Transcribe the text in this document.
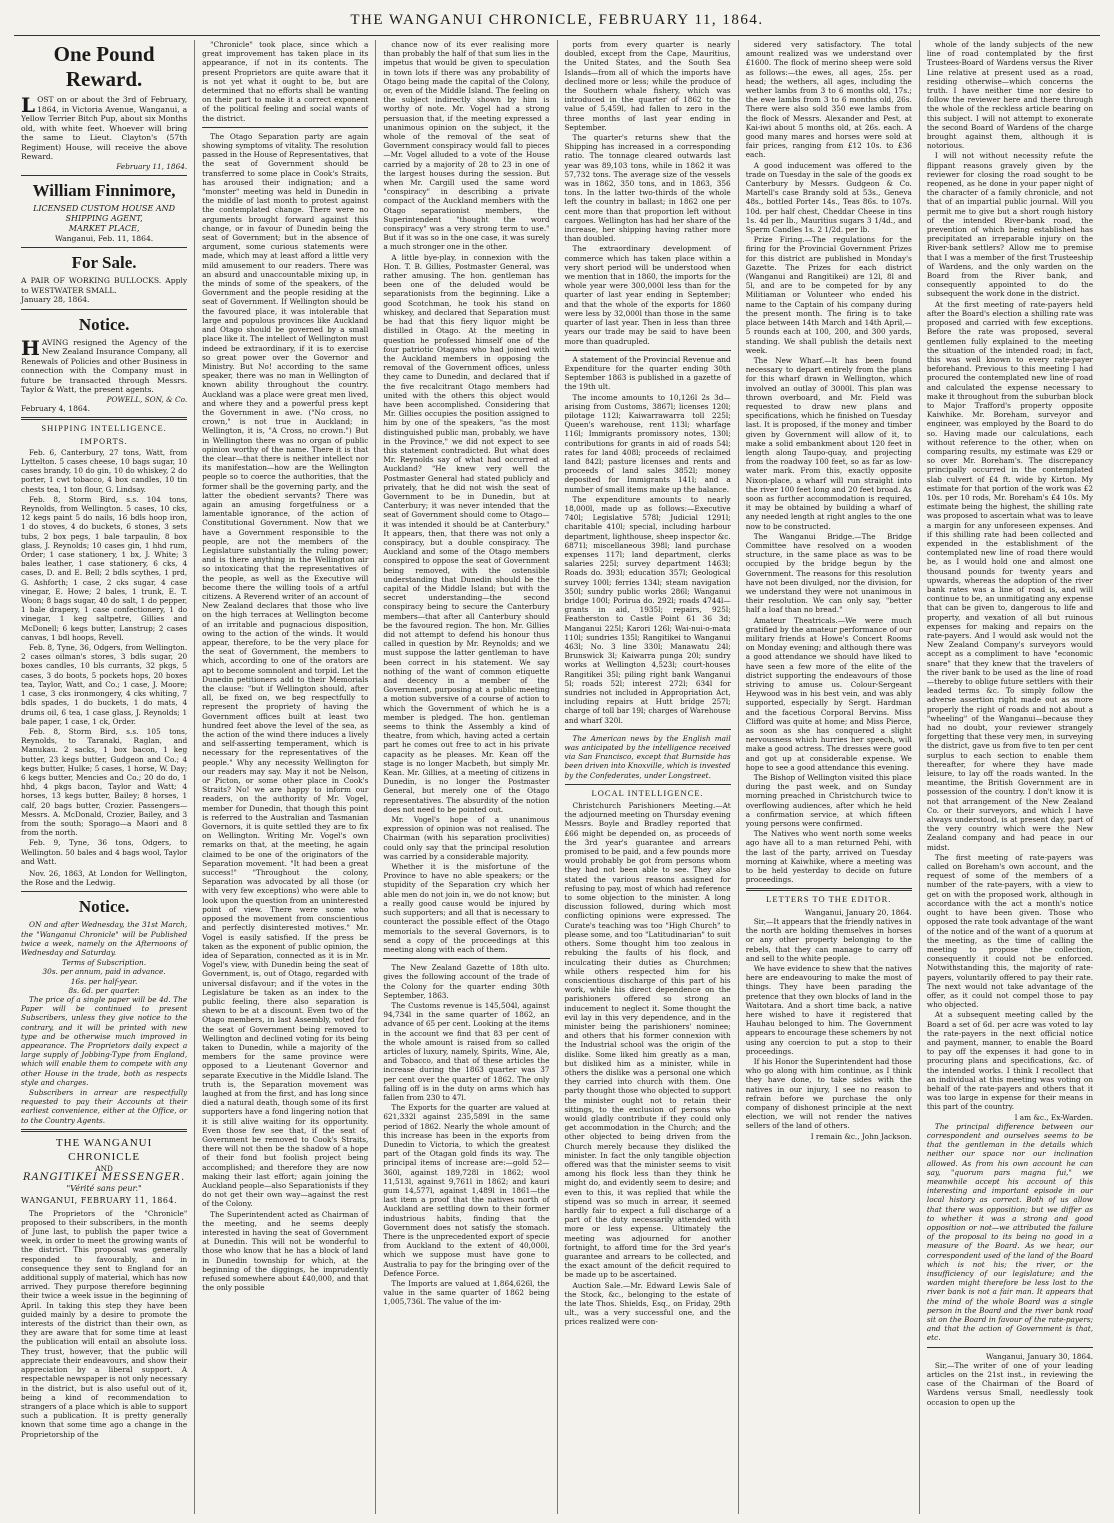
THE WANGANUI CHRONICLE, FEBRUARY 11, 1864.
One Pound Reward.
LOST on or about the 3rd of February, 1864, in Victoria Avenue, Wanganui, a Yellow Terrier Bitch Pup, about six Months old, with white feet. Whoever will bring the same to Lieut. Clayton's (57th Regiment) House, will receive the above Reward.
February 11, 1864.
William Finnimore,
LICENSED CUSTOM HOUSE AND SHIPPING AGENT,
MARKET PLACE,
Wanganui, Feb. 11, 1864.
For Sale.
A PAIR OF WORKING BULLOCKS. Apply to WESTWATER SMALL.
January 28, 1864.
Notice.
HAVING resigned the Agency of the New Zealand Insurance Company, all Renewals of Policies and other Business in connection with the Company must in future be transacted through Messrs. Taylor & Watt, the present agents.
POWELL, SON, & Co.
February 4, 1864.
SHIPPING INTELLIGENCE.
IMPORTS.

Feb. 6, Canterbury, 27 tons, Watt, from Lyttelton. 5 cases cheese, 10 bags sugar, 10 cases brandy, 10 do gin, 10 do whiskey, 2 do porter, 1 cwt tobacco, 4 box candles, 10 tin chests tea, 1 ton flour, G. Lindsay.

Feb. 8, Storm Bird, s.s. 104 tons, Reynolds, from Wellington. 5 cases, 10 cks, 12 kegs paint 5 do nails, 16 bdls hoop iron, 1 do stoves, 4 do buckets, 6 stones, 3 sets tubs, 2 box pegs, 1 bale tarpaulin, 8 box glass, J. Reynolds; 10 cases gin, 1 hhd rum, Order; 1 case stationery, 1 bx, J. White; 3 bales leather, 1 case stationery, 6 cks, 4 cases, D. and E. Bell; 2 bdls scythes, 1 prd, G. Ashforth; 1 case, 2 cks sugar, 4 case vinegar, E. Howe; 2 bales, 1 trunk, E. T. Woon; 8 bags sugar, 40 do salt, 1 do pepper, 1 bale drapery, 1 case confectionery, 1 do vinegar, 1 keg saltpetre, Gillies and McDonell; 6 kegs butter, Lanstrup; 2 cases canvas, 1 bdl hoops, Revell.

Feb. 8, Tyne, 36, Odgers, from Wellington. 2 cases oilman's stores, 3 bdls sugar, 20 boxes candles, 10 bls currants, 32 pkgs, 5 cases, 3 do boots, 5 pockets hops, 20 boxes tea, Taylor, Watt, and Co.; 1 case, J. Moore; 1 case, 3 cks ironmongery, 4 cks whiting, 7 bdls spades, 1 do buckets, 1 do mats, 4 drums oil, 6 tea, 1 case glass, J. Reynolds; 1 bale paper, 1 case, 1 ck, Order.

Feb. 8, Storm Bird, s.s. 105 tons, Reynolds, to Taranaki, Raglan, and Manukau. 2 sacks, 1 box bacon, 1 keg butter, 23 kegs butter, Gudgeon and Co.; 4 kegs butter, Hulke; 5 cases, 1 horse, W. Day; 6 kegs butter, Mencies and Co.; 20 do do, 1 hhd, 4 pkgs bacon, Taylor and Watt; 4 horses, 13 kegs butter, Bailey; 8 horses, 1 calf, 20 bags butter, Crozier. Passengers—Messrs. A. McDonald, Crozier, Bailey, and 3 from the south; Sporago—a Maori and 8 from the north.

Feb. 9, Tyne, 36 tons, Odgers, to Wellington. 50 bales and 4 bags wool, Taylor and Watt.

Nov. 26, 1863, At London for Wellington, the Rose and the Ledwig.

Notice.

ON and after Wednesday, the 31st March, the "Wanganui Chronicle" will be Published twice a week, namely on the Afternoons of Wednesday and Saturday.

Terms of Subscription.
30s. per annum, paid in advance.
16s. per half-year.
8s. 6d. per quarter.

The price of a single paper will be 4d. The Paper will be continued to present Subscribers, unless they give notice to the contrary, and it will be printed with new type and be otherwise much improved in appearance. The Proprietors daily expect a large supply of Jobbing-Type from England, which will enable them to compete with any other House in the trade, both as respects style and charges.

Subscribers in arrear are respectfully requested to pay their Accounts at their earliest convenience, either at the Office, or to the Country Agents.

THE WANGANUI CHRONICLE
AND
RANGITIKEI MESSENGER.
"Vérité sans peur."
WANGANUI, FEBRUARY 11, 1864.

The Proprietors of the "Chronicle" proposed to their subscribers, in the month of June last, to publish the paper twice a week, in order to meet the growing wants of the district. This proposal was generally responded to favourably, and in consequence they sent to England for an additional supply of material, which has now arrived. They purpose therefore beginning their twice a week issue in the beginning of April. In taking this step they have been guided mainly by a desire to promote the interests of the district than their own, as they are aware that for some time at least the publication will entail an absolute loss. They trust, however, that the public will appreciate their endeavours, and show their appreciation by a liberal support. A respectable newspaper is not only necessary in the district, but is also useful out of it, being a kind of recommendation to strangers of a place which is able to support such a publication. It is pretty generally known that some time ago a change in the Proprietorship of the

"Chronicle" took place, since which a great improvement has taken place in its appearance, if not in its contents. The present Proprietors are quite aware that it is not yet what it ought to be, but are determined that no efforts shall be wanting on their part to make it a correct exponent of the political feeling and social wants of the district.

The Otago Separation party are again showing symptoms of vitality. The resolution passed in the House of Representatives, that the seat of Government should be transferred to some place in Cook's Straits, has aroused their indignation; and a "monster" meeting was held in Dunedin in the middle of last month to protest against the contemplated change. There were no arguments brought forward against this change, or in favour of Dunedin being the seat of Government; but in the absence of argument, some curious statements were made, which may at least afford a little very mild amusement to our readers. There was an absurd and unaccountable mixing up, in the minds of some of the speakers, of the Government and the people residing at the seat of Government. If Wellington should be the favoured place, it was intolerable that large and populous provinces like Auckland and Otago should be governed by a small place like it. The intellect of Wellington must indeed be extraordinary, if it is to exercise so great power over the Governor and Ministry. But No! according to the same speaker, there was no man in Wellington of known ability throughout the country. Auckland was a place were great men lived, and where they and a powerful press kept the Government in awe. ("No cross, no crown," is not true in Auckland; in Wellington, it is, "A Cross, no crown.") But in Wellington there was no organ of public opinion worthy of the name. There it is that the clear—that there is neither intellect nor its manifestation—how are the Wellington people so to coerce the authorities, that the former shall be the governing party, and the latter the obedient servants? There was again an amusing forgetfulness or a lamentable ignorance, of the action of Constitutional Government. Now that we have a Government responsible to the people, are not the members of the Legislature substantially the ruling power; and is there anything in the Wellington air so intoxicating that the representatives of the people, as well as the Executive will become there the willing tools of a artful citizens. A Reverend writer of an account of New Zealand declares that those who live on the high terraces at Wellington become of an irritable and pugnacious disposition, owing to the action of the winds. It would appear, therefore, to be the very place for the seat of Government, the members to which, according to one of the orators are apt to become somnolent and torpid. Let the Dunedin petitioners add to their Memorials the clause: "but if Wellington should, after all, be fixed on, we beg respectfully to represent the propriety of having the Government offices built at least two hundred feet above the level of the sea, as the action of the wind there induces a lively and self-asserting temperament, which is necessary for the representatives of the people." Why any necessity Wellington for our readers may say. May it not be Nelson, or Picton, or some other place in Cook's Straits? No! we are happy to inform our readers, on the authority of Mr. Vogel, member for Dunedin, that though this point is referred to the Australian and Tasmanian Governors, it is quite settled they are to fix on Wellington. Writing Mr. Vogel's own remarks on that, at the meeting, he again claimed to be one of the originators of the Separation movement. "It had been a great success!" "Throughout the colony, Separation was advocated by all those (or with very few exceptions) who were able to look upon the question from an uninterested point of view. There were some who opposed the movement from conscientious and perfectly disinterested motives." Mr. Vogel is easily satisfied. If the press be taken as the exponent of public opinion, the idea of Separation, connected as it is in Mr. Vogel's view, with Dunedin being the seat of Government, is, out of Otago, regarded with universal disfavour; and if the votes in the Legislature be taken as an index to the public feeling, there also separation is shewn to be at a discount. Even two of the Otago members, in last Assembly, voted for the seat of Government being removed to Wellington and declined voting for its being taken to Dunedin, while a majority of the members for the same province were opposed to a Lieutenant Governor and separate Executive in the Middle Island. The truth is, the Separation movement was laughed at from the first, and has long since died a natural death, though some of its first supporters have a fond lingering notion that it is still alive waiting for its opportunity. Even those few see that, if the seat of Government be removed to Cook's Straits, there will not then be the shadow of a hope of their fond but foolish project being accomplished; and therefore they are now making their last effort; again joining the Auckland people—also Separationists if they do not get their own way—against the rest of the Colony.

The Superintendent acted as Chairman of the meeting, and he seems deeply interested in having the seat of Government at Dunedin. This will not be wonderful to those who know that he has a block of land in Dunedin township for which, at the beginning of the diggings, he imprudently refused somewhere about £40,000, and that the only possible

chance now of its ever realising more than probably the half of that sum lies in the impetus that would be given to speculation in town lots if there was any probability of Otago being made the capital of the Colony, or, even of the Middle Island. The feeling on the subject indirectly shown by him is worthy of note. Mr. Vogel had a strong persuasion that, if the meeting expressed a unanimous opinion on the subject, it the whole of the removal of the seat of Government conspiracy would fall to pieces—Mr. Vogel alluded to a vote of the House carried by a majority of 28 to 23 in one of the largest houses during the session. But when Mr. Cargill used the same word "conspiracy" in describing a private compact of the Auckland members with the Otago separationist members, the Superintendent "thought the word conspiracy" was a very strong term to use." But if it was so in the one case, it was surely a much stronger one in the other.

A little bye-play, in connexion with the Hon. T. B. Gillies, Postmaster General, was rather amusing. The hon. gentleman has been one of the deluded would be separationists from the beginning. Like a good Scotchman, he took his stand on whiskey, and declared that Separation must be had that this fiery liquor might be distilled in Otago. At the meeting in question he professed himself one of the four patriotic Otagans who had joined with the Auckland members in opposing the removal of the Government offices, unless they came to Dunedin, and declared that if the five recalcitrant Otago members had united with the others this object would have been accomplished. Considering that Mr. Gillies occupies the position assigned to him by one of the speakers, "as the most distinguished public man, probably, we have in the Province," we did not expect to see this statement contradicted. But what does Mr. Reynolds say of what had occurred at Auckland? "He knew very well the Postmaster General had stated publicly and privately, that he did not wish the seat of Government to be in Dunedin, but at Canterbury; it was never intended that the seat of Government should come to Otago—it was intended it should be at Canterbury." It appears, then, that there was not only a conspiracy, but a double conspiracy. The Auckland and some of the Otago members conspired to oppose the seat of Government being removed, with the ostensible understanding that Dunedin should be the capital of the Middle Island; but with the secret understanding—the second conspiracy being to secure the Canterbury members—that after all Canterbury should be the favoured region. The hon. Mr. Gillies did not attempt to defend his honour thus called in question by Mr. Reynolds; and we must suppose the latter gentleman to have been correct in his statement. We say nothing of the want of common etiquette and decency in a member of the Government, purposing at a public meeting a motion subversive of a course of action to which the Government of which he is a member is pledged. The hon. gentleman seems to think the Assembly a kind of theatre, from which, having acted a certain part he comes out free to act in his private capacity as he pleases. Mr. Kean off the stage is no longer Macbeth, but simply Mr. Kean. Mr. Gillies, at a meeting of citizens in Dunedin, is no longer the Postmaster General, but merely one of the Otago representatives. The absurdity of the notion does not need to be pointed out.

Mr. Vogel's hope of a unanimous expression of opinion was not realised. The Chairman (with his separation proclivities) could only say that the principal resolution was carried by a considerable majority.

Whether it is the misfortune of the Province to have no able speakers; or the stupidity of the Separation cry which her able men do not join in, we do not know; but a really good cause would be injured by such supporters; and all that is necessary to counteract the possible effect of the Otago memorials to the several Governors, is to send a copy of the proceedings at this meeting along with each of them.

The New Zealand Gazette of 18th ulto. gives the following account of the trade of the Colony for the quarter ending 30th September, 1863.

The Customs revenue is 145,504l, against 94,734l in the same quarter of 1862, an advance of 65 per cent. Looking at the items in the account we find that 83 per cent of the whole amount is raised from so called articles of luxury, namely, Spirits, Wine, Ale, and Tobacco, and that of these articles the increase during the 1863 quarter was 37 per cent over the quarter of 1862. The only falling off is in the duty on arms which has fallen from 230 to 47l.

The Exports for the quarter are valued at 621,332l against 235,589l in the same period of 1862. Nearly the whole amount of this increase has been in the exports from Dunedin to Victoria, to which the greatest part of the Otagan gold finds its way. The principal items of increase are:—gold 52—360l, against 189,728l in 1862; wool 11,513l, against 9,761l in 1862; and kauri gum 14,577l, against 1,489l in 1861—the last item a proof that the natives north of Auckland are settling down to their former industrious habits, finding that the Government does not satisfy the stomach. There is the unprecedented export of specie from Auckland to the extent of 40,000l, which we suppose must have gone to Australia to pay for the bringing over of the Defence Force.

The Imports are valued at 1,864,626l, the value in the same quarter of 1862 being 1,005,736l. The value of the im-

ports from every quarter is nearly doubled, except from the Cape, Mauritius, the United States, and the South Sea Islands—from all of which the imports have declined more or less; while the produce of the Southern whale fishery, which was introduced in the quarter of 1862 to the value of 5,459l, had fallen to zero in the three months of last year ending in September.

The quarter's returns shew that the Shipping has increased in a corresponding ratio. The tonnage cleared outwards last year was 89,103 tons, while in 1862 it was 57,732 tons. The average size of the vessels was in 1862, 350 tons, and in 1863, 356 tons. In the latter two-thirds of the whole left the country in ballast; in 1862 one per cent more than that proportion left without cargoes. Wellington has had her share of the increase, her shipping having rather more than doubled.

The extraordinary development of commerce which has taken place within a very short period will be understood when we mention that in 1860, the imports for the whole year were 300,000l less than for the quarter of last year ending in September; and that the whole of the exports for 1860 were less by 32,000l than those in the same quarter of last year. Then in less than three years our trade may be said to have been more than quadrupled.

A statement of the Provincial Revenue and Expenditure for the quarter ending 30th September 1863 is published in a gazette of the 19th ult.

The income amounts to 10,126l 2s 3d—arising from Customs, 3867l; licenses 120l; pilotage 112l; Kaiwarrawarra toll 225l; Queen's warehouse, rent 113l; wharfage 116l; Immigrants promissory notes, 130l; contributions for grants in aid of roads 54l; rates for land 408l; proceeds of reclaimed land 842l; pasture licenses and rents and proceeds of land sales 3852l; money deposited for Immigrants 141l; and a number of small items make up the balance.

The expenditure amounts to nearly 18,000l, made up as follows:—Executive 740l; Legislative 578l; Judicial 1291l; charitable 410l; special, including harbour department, lighthouse, sheep inspector &c. 6871l; miscellaneous 398l; land purchase expenses 117l; land department, clerks salaries 225l; survey department 1463l; Roads do. 393l; education 357l; Geological survey 100l; ferries 134l; steam navigation 350l; sundry public works 286l; Wanganui bridge 100l; Porirua do. 292l; roads 4744l—grants in aid, 1935l; repairs, 925l; Featherston to Castle Point 61 36 3d; Manganui 225l; Karori 126l; Wai-nui-o-mata 110l; sundries 135l; Rangitikei to Wanganui 463l; No. 3 line 330l; Manawatu 24l; Brunswick 3l; Kaiwarra punga 20l; sundry works at Wellington 4,523l; court-houses Rangitikei 35l; piling right bank Wanganui 5l; roads 52l; interest 272l; 634l for sundries not included in Appropriation Act, including repairs at Hutt bridge 257l; charge of toll bar 19l; charges of Warehouse and wharf 320l.

The American news by the English mail was anticipated by the intelligence received via San Francisco, except that Burnside has been driven into Knoxville, which is invested by the Confederates, under Longstreet.

LOCAL INTELLIGENCE.

Christchurch Parishioners Meeting.—At the adjourned meeting on Thursday evening Messrs. Boyle and Bradley reported that £66 might be depended on, as proceeds of the 3rd year's guarantee and arrears promised to be paid, and a few pounds more would probably be got from persons whom they had not been able to see. They also stated the various reasons assigned for refusing to pay, most of which had reference to some objection to the minister. A long discussion followed, during which most conflicting opinions were expressed. The Curate's teaching was too "High Church" to please some, and too "Latitudinarian" to suit others. Some thought him too zealous in rebuking the faults of his flock, and inculcating their duties as Churchmen; while others respected him for his conscientious discharge of this part of his work, while his direct dependence on the parishioners offered so strong an inducement to neglect it. Some thought the evil lay in this very dependence, and in the minister being the parishioners' nominee; and others that his former connexion with the Industrial school was the origin of the dislike. Some liked him greatly as a man, but disliked him as a minister, while in others the dislike was a personal one which they carried into church with them. One party thought those who objected to support the minister ought not to retain their sittings, to the exclusion of persons who would gladly contribute if they could only get accommodation in the Church; and the other objected to being driven from the Church merely because they disliked the minister. In fact the only tangible objection offered was that the minister seems to visit among his flock less than they think he might do, and evidently seem to desire; and even to this, it was replied that while the stipend was so much in arrear, it seemed hardly fair to expect a full discharge of a part of the duty necessarily attended with more or less expense. Ultimately the meeting was adjourned for another fortnight, to afford time for the 3rd year's guarantee and arrears to be collected, and the exact amount of the deficit required to be made up to be ascertained.

Auction Sale.—Mr. Edward Lewis Sale of the Stock, &c., belonging to the estate of the late Thos. Shields, Esq., on Friday, 29th ult., was a very successful one, and the prices realized were con-

sidered very satisfactory. The total amount realized was we understand over £1600. The flock of merino sheep were sold as follows:—the ewes, all ages, 25s. per head; the wethers, all ages, including the wether lambs from 3 to 6 months old, 17s.; the ewe lambs from 3 to 6 months old, 26s. There were also sold 350 ewe lambs from the flock of Messrs. Alexander and Pest, at Kai-iwi about 5 months old, at 26s. each. A good many mares and horses were sold at fair prices, ranging from £12 10s. to £36 each.

A good inducement was offered to the trade on Tuesday in the sale of the goods ex Canterbury by Messrs. Gudgeon & Co. Martell's case Brandy sold at 53s., Geneva 48s., bottled Porter 14s., Teas 86s. to 107s. 10d. per half chest, Cheddar Cheese in tins 1s. 4d per lb., Mauritius sugars 3 1/4d., and Sperm Candles 1s. 2 1/2d. per lb.

Prize Firing.—The regulations for the firing for the Provincial Government Prizes for this district are published in Monday's Gazette. The Prizes for each district (Wanganui and Rangitikei) are 12l, 8l and 5l, and are to be competed for by any Militiaman or Volunteer who ended his name to the Captain of his company during the present month. The firing is to take place between 14th March and 14th April,—5 rounds each at 100, 200, and 300 yards, standing. We shall publish the details next week.

The New Wharf.—It has been found necessary to depart entirely from the plans for this wharf drawn in Wellington, which involved an outlay of 3000l. This plan was thrown overboard, and Mr. Field was requested to draw new plans and specifications, which he finished on Tuesday last. It is proposed, if the money and timber given by Government will allow of it, to make a solid embankment about 120 feet in length along Taupo-quay, and projecting from the roadway 100 feet, so as far as low-water mark. From this, exactly opposite Nixon-place, a wharf will run straight into the river 100 feet long and 20 feet broad. As soon as further accommodation is required, it may be obtained by building a wharf of any needed length at right angles to the one now to be constructed.

The Wanganui Bridge.—The Bridge Committee have resolved on a wooden structure, in the same place as was to be occupied by the bridge begun by the Government. The reasons for this resolution have not been divulged, nor the division, for we understand they were not unanimous in their resolution. We can only say, "better half a loaf than no bread."

Amateur Theatricals.—We were much gratified by the amateur performance of our military friends at Howe's Concert Rooms on Monday evening; and although there was a good attendance we should have liked to have seen a few more of the elite of the district supporting the endeavours of those striving to amuse us. Colour-Sergeant Heywood was in his best vein, and was ably supported, especially by Sergt. Hardman and the facetious Corporal Bervins. Miss Clifford was quite at home; and Miss Pierce, as soon as she has conquered a slight nervousness which hurries her speech, will make a good actress. The dresses were good and got up at considerable expense. We hope to see a good attendance this evening.

The Bishop of Wellington visited this place during the past week, and on Sunday morning preached in Christchurch twice to overflowing audiences, after which he held a confirmation service, at which fifteen young persons were confirmed.

The Natives who went north some weeks ago have all to a man returned Pehi, with the last of the party, arrived on Tuesday morning at Kaiwhike, where a meeting was to be held yesterday to decide on future proceedings.

LETTERS TO THE EDITOR.
Wanganui, January 20, 1864.

Sir,—It appears that the friendly natives in the north are holding themselves in horses or any other property belonging to the rebels, that they can manage to carry off and sell to the white people.

We have evidence to shew that the natives here are endeavouring to make the most of things. They have been parading the pretence that they own blocks of land in the Waitotara. And a short time back, a native here wished to have it registered that Hauhau belonged to him. The Government appears to encourage these schemers by not using any coercion to put a stop to their proceedings.

If his Honor the Superintendent had those who go along with him continue, as I think they have done, to take sides with the natives in our injury, I see no reason to refrain before we purchase the only company of dishonest principle at the next election, we will not render the natives sellers of the land of others.

I remain &c., John Jackson.

whole of the landy subjects of the new line of road contemplated by the first Trustees-Board of Wardens versus the River Line relative at present used as a road, residing otherwise—which concerns the truth. I have neither time nor desire to follow the reviewer here and there through the whole of the reckless article bearing on this subject. I will not attempt to exonerate the second Board of Wardens of the charge brought against them, although it is notorious.

I will not without necessity refute the flippant reasons gravely given by the reviewer for closing the road sought to be reopened, as he done in your paper night of the character of a family chronicle, and not that of an impartial public journal. Will you permit me to give but a short rough history of the intended River-bank road, the prevention of which being established has precipitated an irreparable injury on the River-bank settlers? Allow me to premise that I was a member of the first Trusteeship of Wardens, and the only warden on the Board from the River bank, and consequently appointed to do the subsequent the work done in the district.

At the first meeting of rate-payers held after the Board's election a shilling rate was proposed and carried with few exceptions. Before the rate was proposed, several gentlemen fully explained to the meeting the situation of the intended road; in fact, this was well known to every rate-payer beforehand. Previous to this meeting I had procured the contemplated new line of road and calculated the expense necessary to make it throughout from the suburban block to Major Trafford's property opposite Kaiwhike. Mr. Boreham, surveyor and engineer, was employed by the Board to do so. Having made our calculations, each without reference to the other, when on comparing results, my estimate was £29 or so over Mr. Boreham's. The discrepancy principally occurred in the contemplated slab culvert of £4 ft. wide by Kirton. My estimate for that portion of the work was £2 10s. per 10 rods, Mr. Boreham's £4 10s. My estimate being the highest, the shilling rate was proposed to ascertain what was to leave a margin for any unforeseen expenses. And if this shilling rate had been collected and expended in the establishment of the contemplated new line of road there would be, as I would hold one and almost one thousand pounds for twenty years and upwards, whereas the adoption of the river bank rates was a line of road is, and will continue to be, an unmitigating any expense that can be given to, dangerous to life and property, and vexation of all but ruinous expenses for making and repairs on the rate-payers. And I would ask would not the New Zealand Company's surveyors would accept as a compliment to have "economic snare" that they knew that the travelers of the river bank to be used as the line of road—thereby to oblige future settlers with their leaded terms &c. To simply follow the adverse assertion right made out as more properly the right of roads and not about a "wheeling" of the Wanganui—because they had no doubt, your reviewer strangely forgetting that these very men, in surveying the district, gave us from five to ten per cent surplus to each section to enable them thereafter, for where they have made leisure, to lay off the roads wanted. In the meantime, the British Government are in possession of the country. I don't know it is not that arrangement of the New Zealand Co. or their surveyors, and which I have always understood, is at present day, part of the very country which were the New Zealand company and had peace in our midst.

The first meeting of rate-payers was called on Boreham's own account, and the request of some of the members of a number of the rate-payers, with a view to get on with the proposed work, although in accordance with the act a month's notice ought to have been given. Those who opposed the rate took advantage of the want of the notice and of the want of a quorum at the meeting, as the time of calling the meeting to propose the collection, consequently it could not be enforced. Notwithstanding this, the majority of rate-payers, voluntarily offered to pay their rate. The next would not take advantage of the offer, as it could not compel those to pay who objected.

At a subsequent meeting called by the Board a set of 6d. per acre was voted to lay the rate-payers in the next official notice and payment, manner, to enable the Board to pay off the expenses it had gone to in procuring plans and specifications, &c. of the intended works. I think I recollect that an individual at this meeting was voting on behalf of the rate-payers and others that it was too large in expense for their means in this part of the country.

I am &c., Ex-Warden.

The principal difference between our correspondent and ourselves seems to be that the gentleman in the details which neither our space nor our inclination allowed. As from his own account he can say, "quorum pars magna fui," we meanwhile accept his account of this interesting and important episode in our local history as correct. Both of us allow that there was opposition; but we differ as to whether it was a strong and good opposition or not—we attributed the failure of the proposal to its being no good in a measure of the Board. As we hear, our correspondent used of the land of the Board which is not his; the river, or the insufficiency of our legislature; and the warden might therefore be less lost to the river bank is not a fair man. It appears that the mind of the whole Board was a single person in the Board and the river bank road sit on the Board in favour of the rate-payers; and that the action of Government is that, etc.

Wanganui, January 30, 1864.

Sir,—The writer of one of your leading articles on the 21st inst., in reviewing the case of the Chairman of the Board of Wardens versus Small, needlessly took occasion to open up the
